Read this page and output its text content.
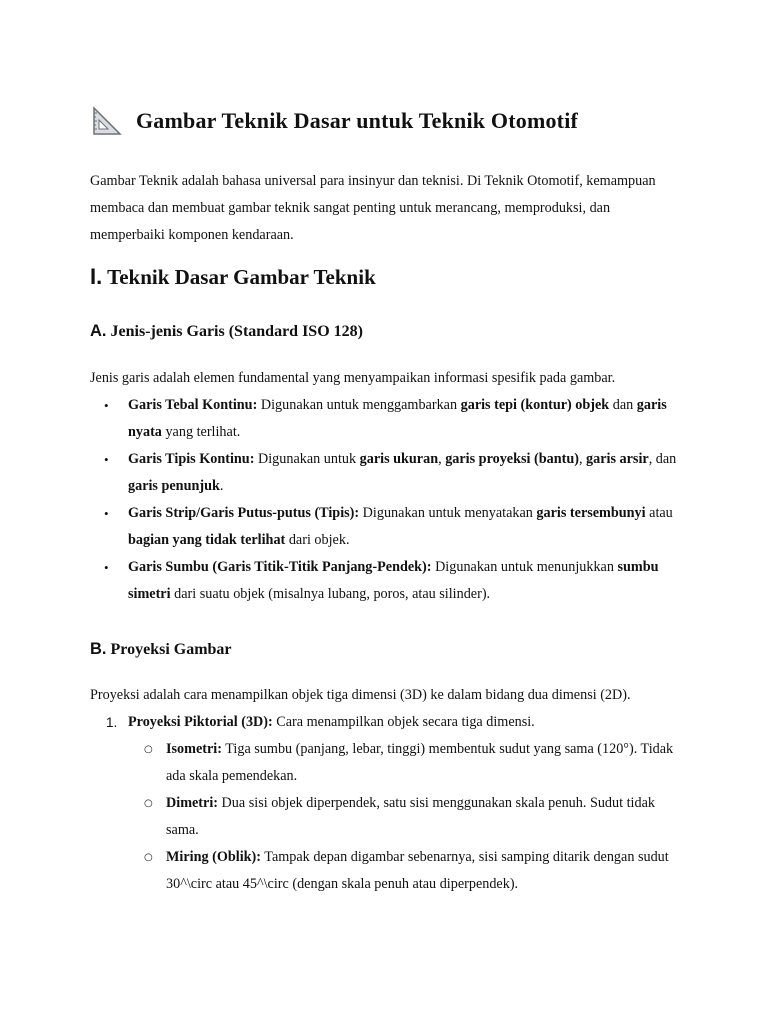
Gambar Teknik Dasar untuk Teknik Otomotif
Gambar Teknik adalah bahasa universal para insinyur dan teknisi. Di Teknik Otomotif, kemampuan membaca dan membuat gambar teknik sangat penting untuk merancang, memproduksi, dan memperbaiki komponen kendaraan.
I. Teknik Dasar Gambar Teknik
A. Jenis-jenis Garis (Standard ISO 128)
Jenis garis adalah elemen fundamental yang menyampaikan informasi spesifik pada gambar.
• Garis Tebal Kontinu: Digunakan untuk menggambarkan garis tepi (kontur) objek dan garis nyata yang terlihat.
• Garis Tipis Kontinu: Digunakan untuk garis ukuran, garis proyeksi (bantu), garis arsir, dan garis penunjuk.
• Garis Strip/Garis Putus-putus (Tipis): Digunakan untuk menyatakan garis tersembunyi atau bagian yang tidak terlihat dari objek.
• Garis Sumbu (Garis Titik-Titik Panjang-Pendek): Digunakan untuk menunjukkan sumbu simetri dari suatu objek (misalnya lubang, poros, atau silinder).
B. Proyeksi Gambar
Proyeksi adalah cara menampilkan objek tiga dimensi (3D) ke dalam bidang dua dimensi (2D).
1. Proyeksi Piktorial (3D): Cara menampilkan objek secara tiga dimensi.
○ Isometri: Tiga sumbu (panjang, lebar, tinggi) membentuk sudut yang sama (120°). Tidak ada skala pemendekan.
○ Dimetri: Dua sisi objek diperpendek, satu sisi menggunakan skala penuh. Sudut tidak sama.
○ Miring (Oblik): Tampak depan digambar sebenarnya, sisi samping ditarik dengan sudut 30^\circ atau 45^\circ (dengan skala penuh atau diperpendek).
